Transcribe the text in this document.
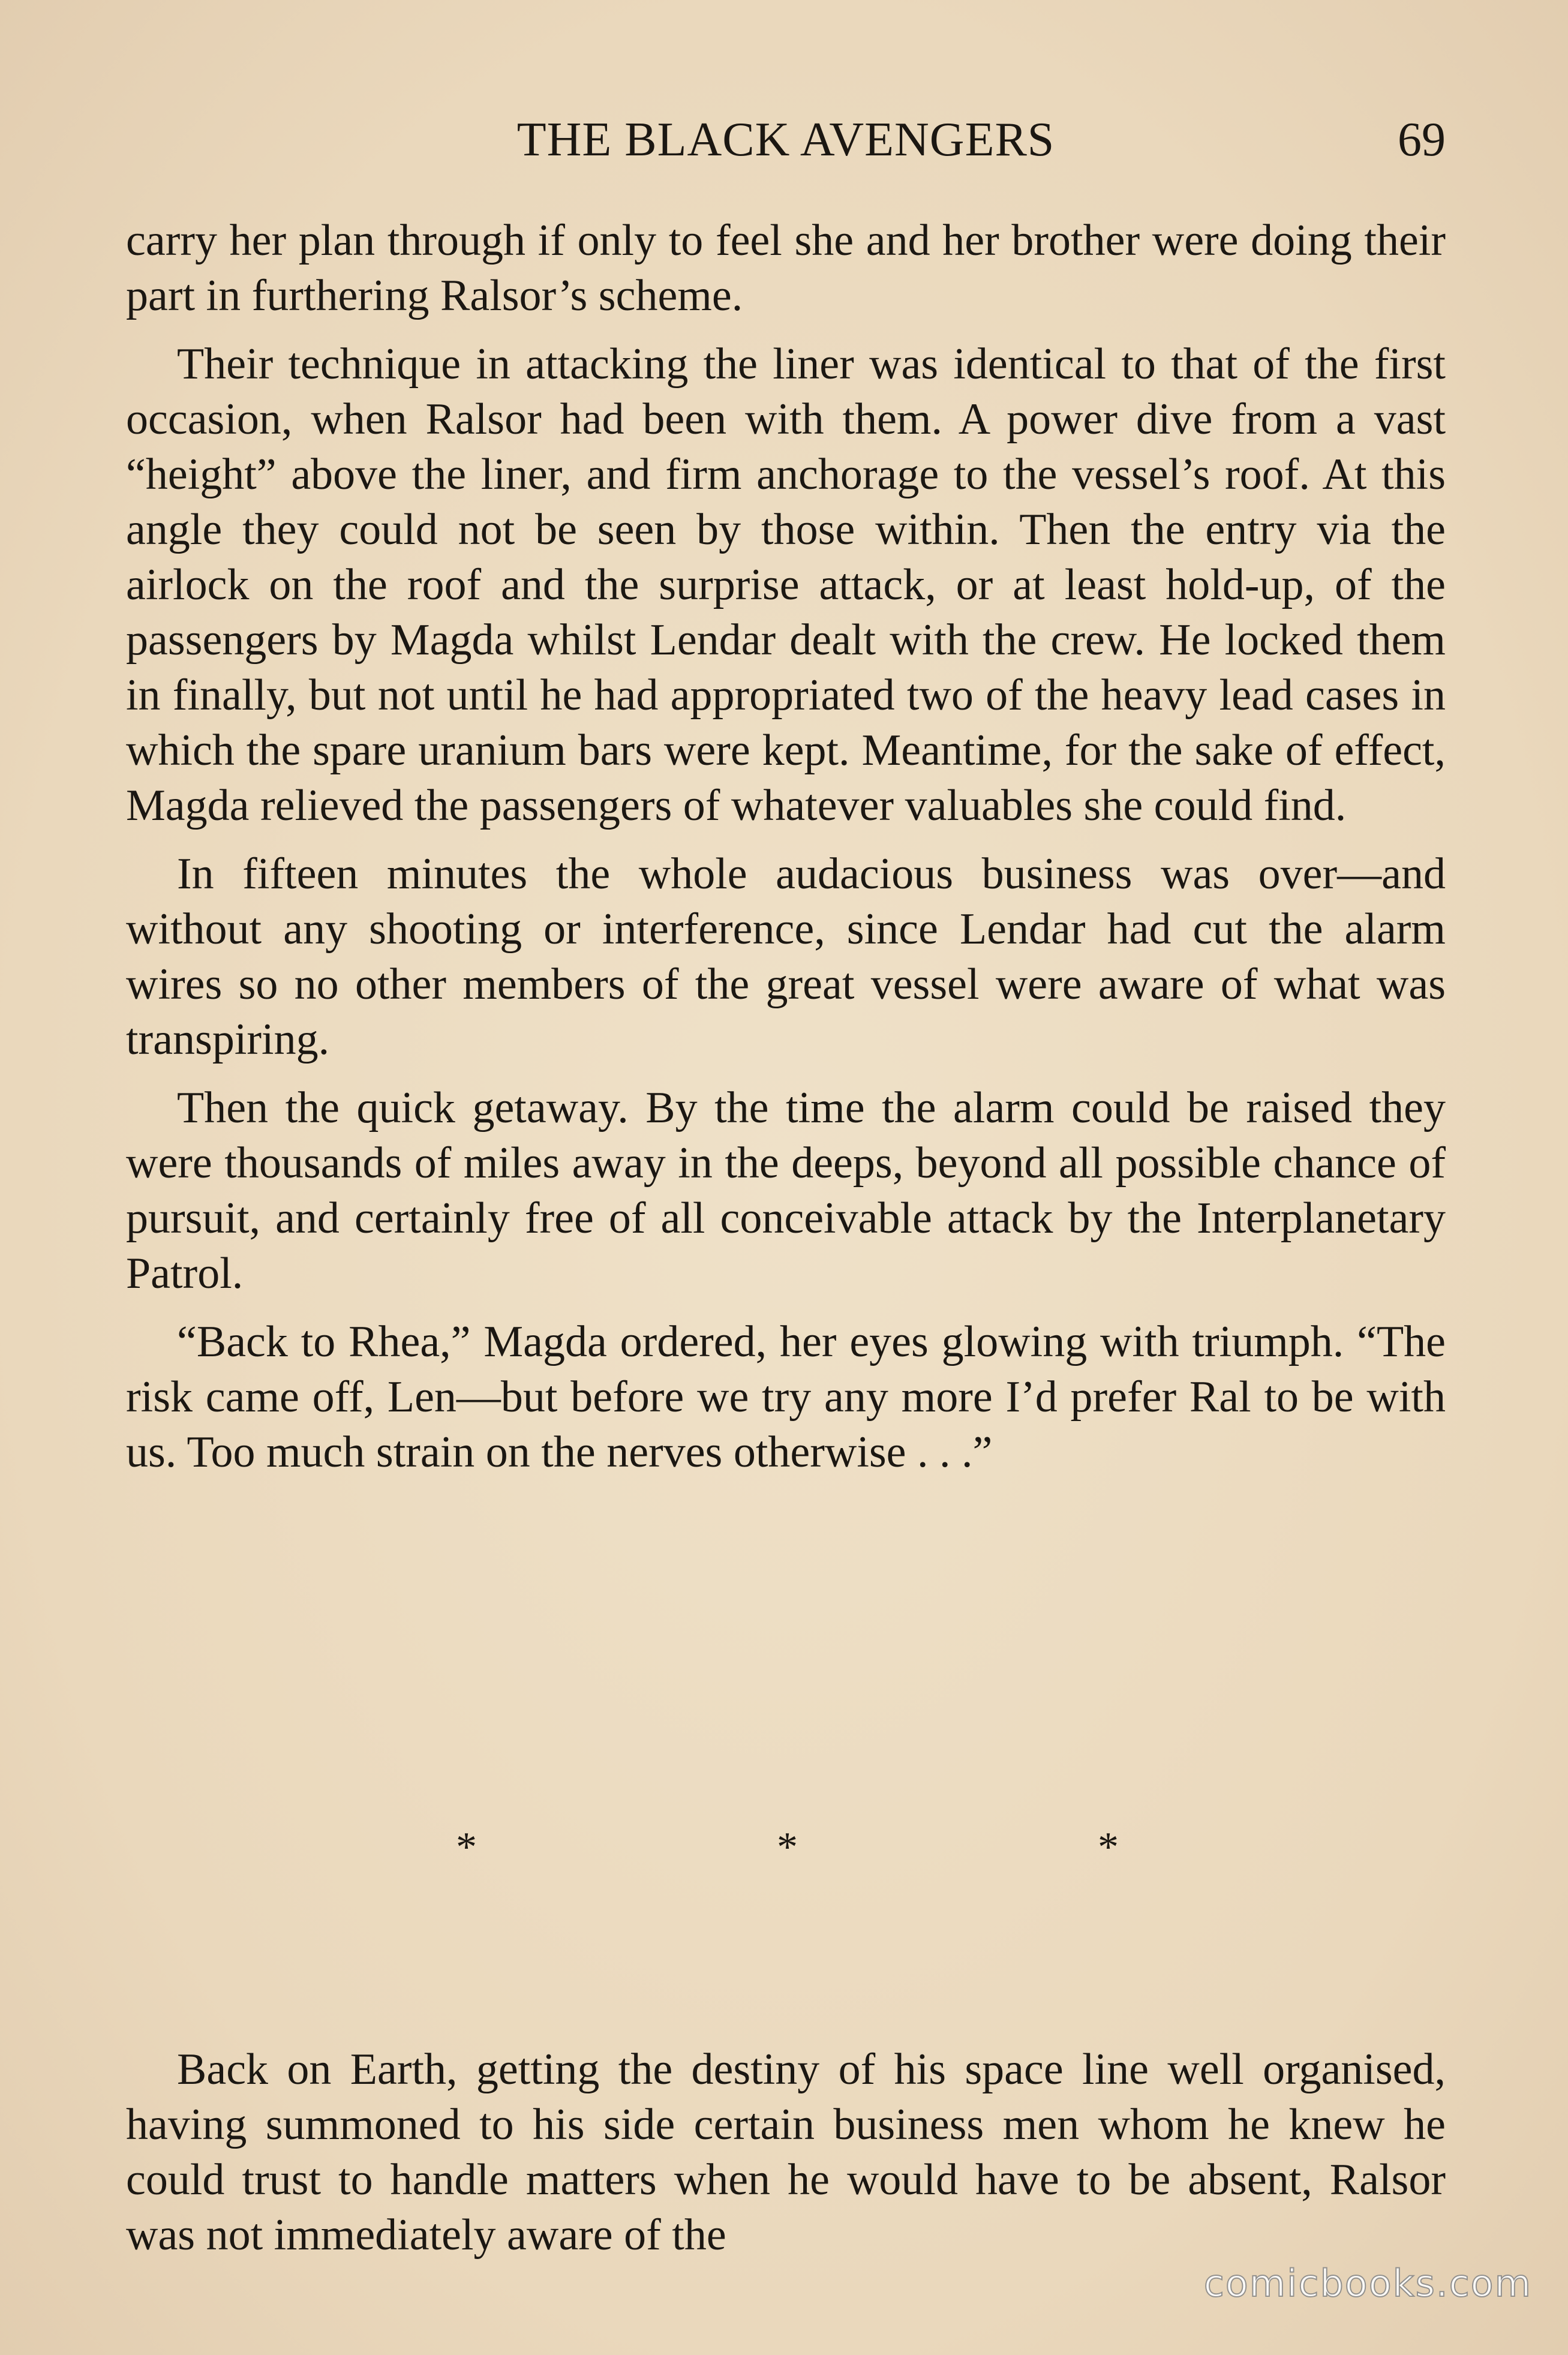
THE BLACK AVENGERS	69

carry her plan through if only to feel she and her brother were doing their part in furthering Ralsor’s scheme.

Their technique in attacking the liner was identical to that of the first occasion, when Ralsor had been with them. A power dive from a vast “height” above the liner, and firm anchorage to the vessel’s roof. At this angle they could not be seen by those within. Then the entry via the airlock on the roof and the surprise attack, or at least hold-up, of the passengers by Magda whilst Lendar dealt with the crew. He locked them in finally, but not until he had appropriated two of the heavy lead cases in which the spare uranium bars were kept. Meantime, for the sake of effect, Magda relieved the passengers of whatever valuables she could find.

In fifteen minutes the whole audacious business was over—and without any shooting or interference, since Lendar had cut the alarm wires so no other members of the great vessel were aware of what was transpiring.

Then the quick getaway. By the time the alarm could be raised they were thousands of miles away in the deeps, beyond all possible chance of pursuit, and certainly free of all conceivable attack by the Interplanetary Patrol.

“Back to Rhea,” Magda ordered, her eyes glowing with triumph. “The risk came off, Len—but before we try any more I’d prefer Ral to be with us. Too much strain on the nerves otherwise . . .”

*	*	*

Back on Earth, getting the destiny of his space line well organised, having summoned to his side certain business men whom he knew he could trust to handle matters when he would have to be absent, Ralsor was not immediately aware of the

comicbooks.com
